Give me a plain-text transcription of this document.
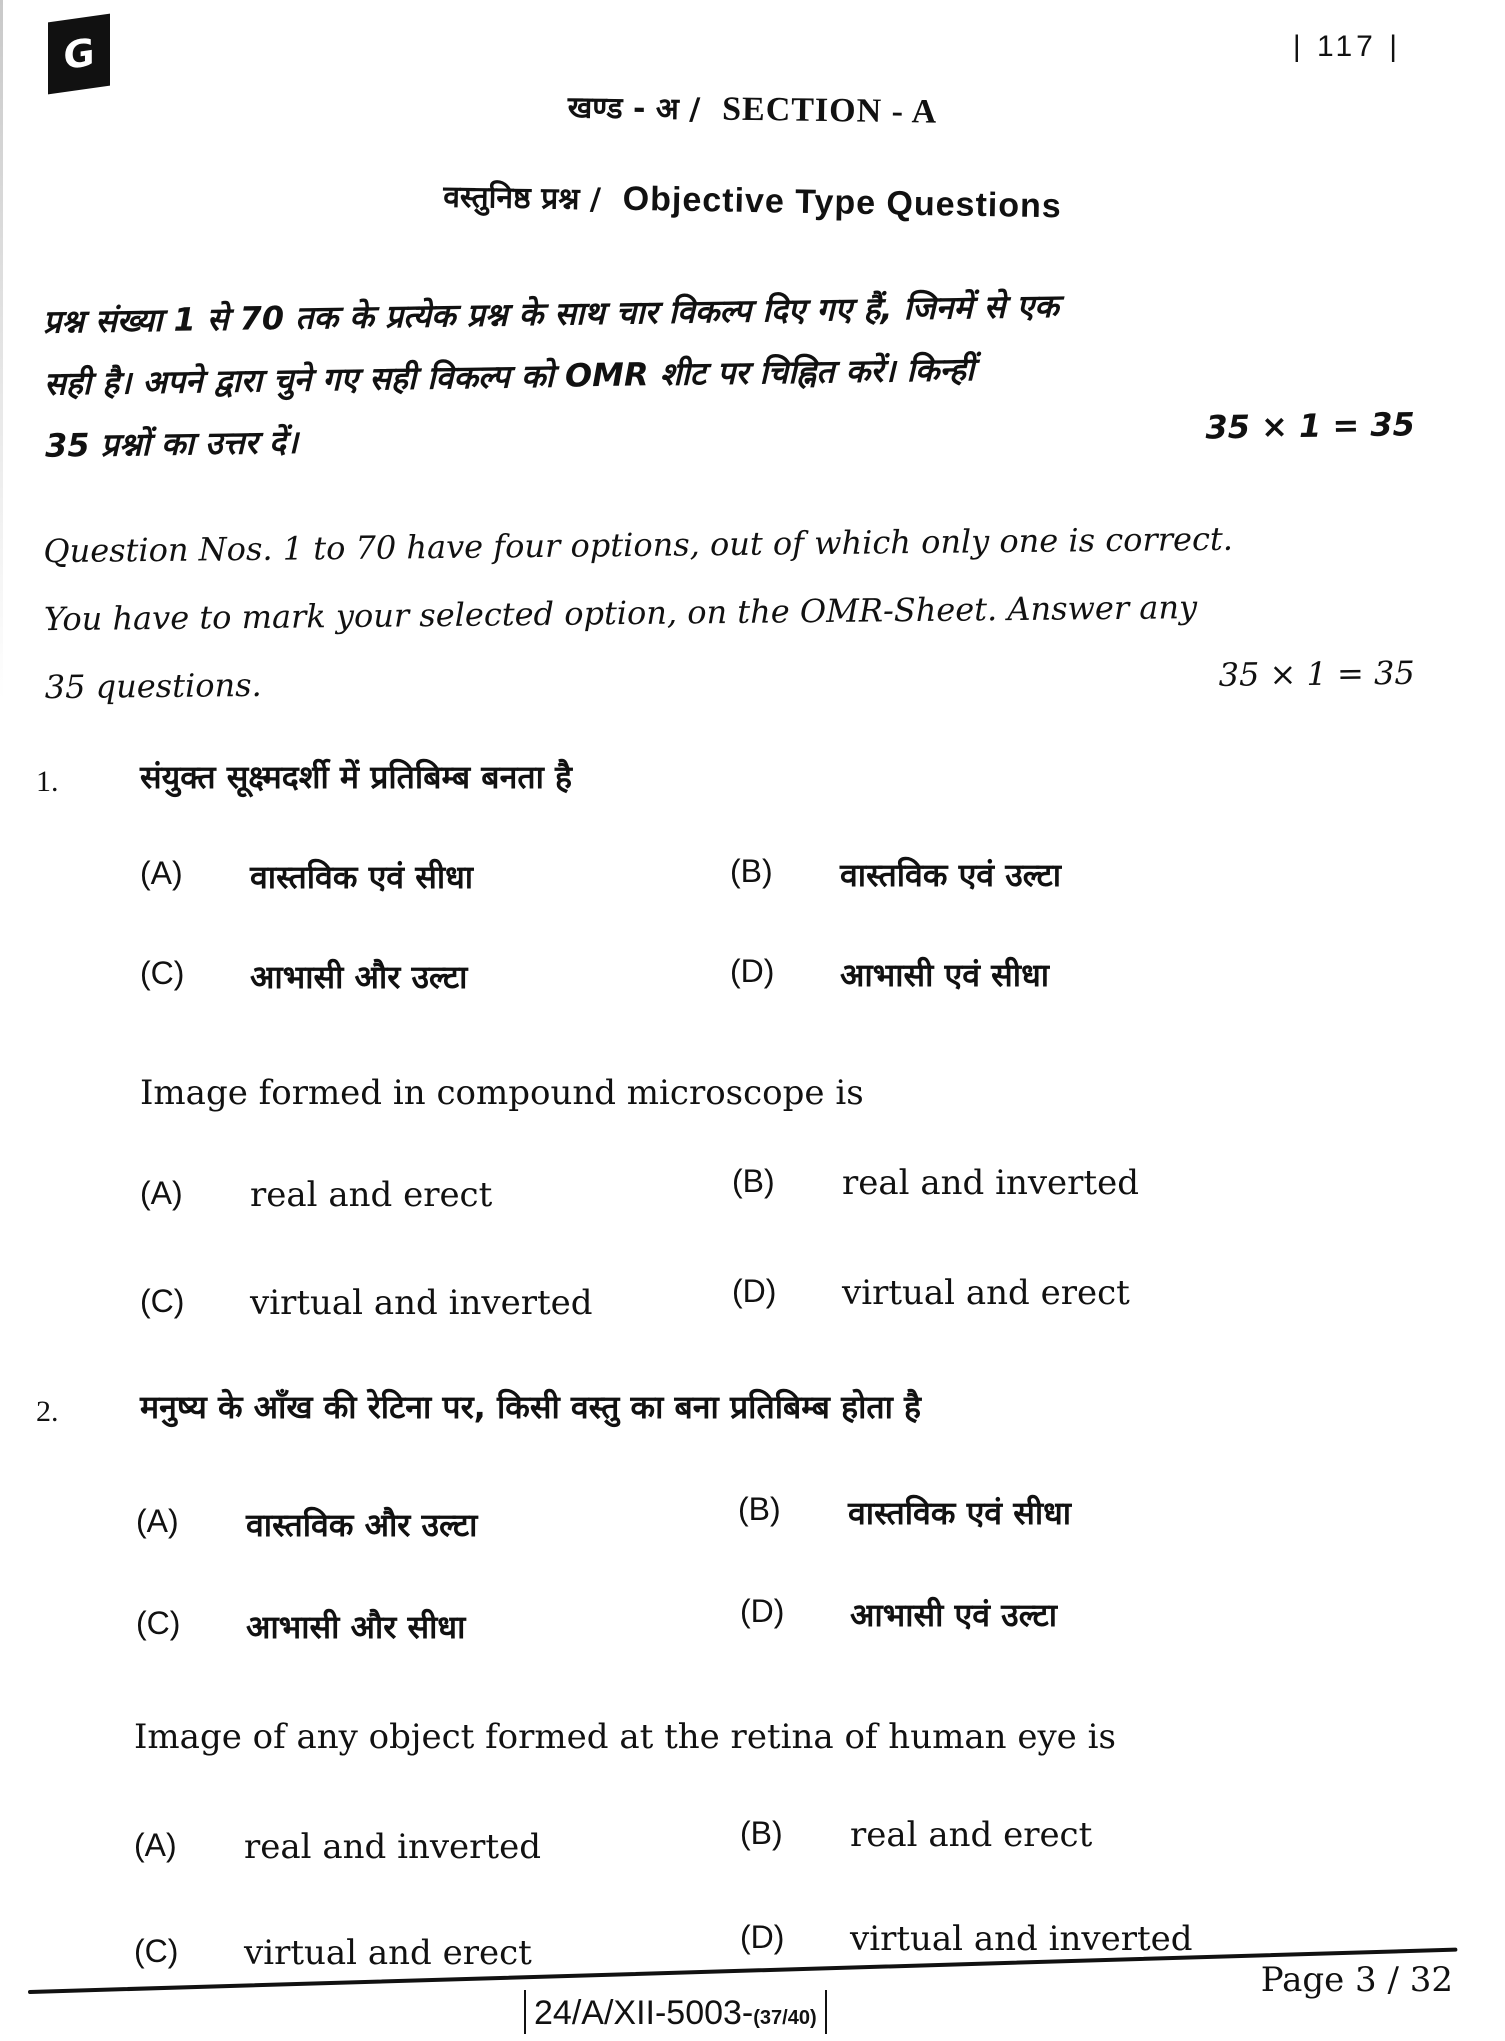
G	| 117 |
खण्ड - अ / SECTION - A
वस्तुनिष्ठ प्रश्न / Objective Type Questions
प्रश्न संख्या 1 से 70 तक के प्रत्येक प्रश्न के साथ चार विकल्प दिए गए हैं, जिनमें से एक
सही है। अपने द्वारा चुने गए सही विकल्प को OMR शीट पर चिह्नित करें। किन्हीं
35 प्रश्नों का उत्तर दें।	35 × 1 = 35
Question Nos. 1 to 70 have four options, out of which only one is correct.
You have to mark your selected option, on the OMR-Sheet. Answer any
35 questions.	35 × 1 = 35
1.	संयुक्त सूक्ष्मदर्शी में प्रतिबिम्ब बनता है
(A)	वास्तविक एवं सीधा	(B)	वास्तविक एवं उल्टा
(C)	आभासी और उल्टा	(D)	आभासी एवं सीधा
Image formed in compound microscope is
(A)	real and erect	(B)	real and inverted
(C)	virtual and inverted	(D)	virtual and erect
2.	मनुष्य के आँख की रेटिना पर, किसी वस्तु का बना प्रतिबिम्ब होता है
(A)	वास्तविक और उल्टा	(B)	वास्तविक एवं सीधा
(C)	आभासी और सीधा	(D)	आभासी एवं उल्टा
Image of any object formed at the retina of human eye is
(A)	real and inverted	(B)	real and erect
(C)	virtual and erect	(D)	virtual and inverted
24/A/XII-5003-(37/40)
Page 3 / 32
